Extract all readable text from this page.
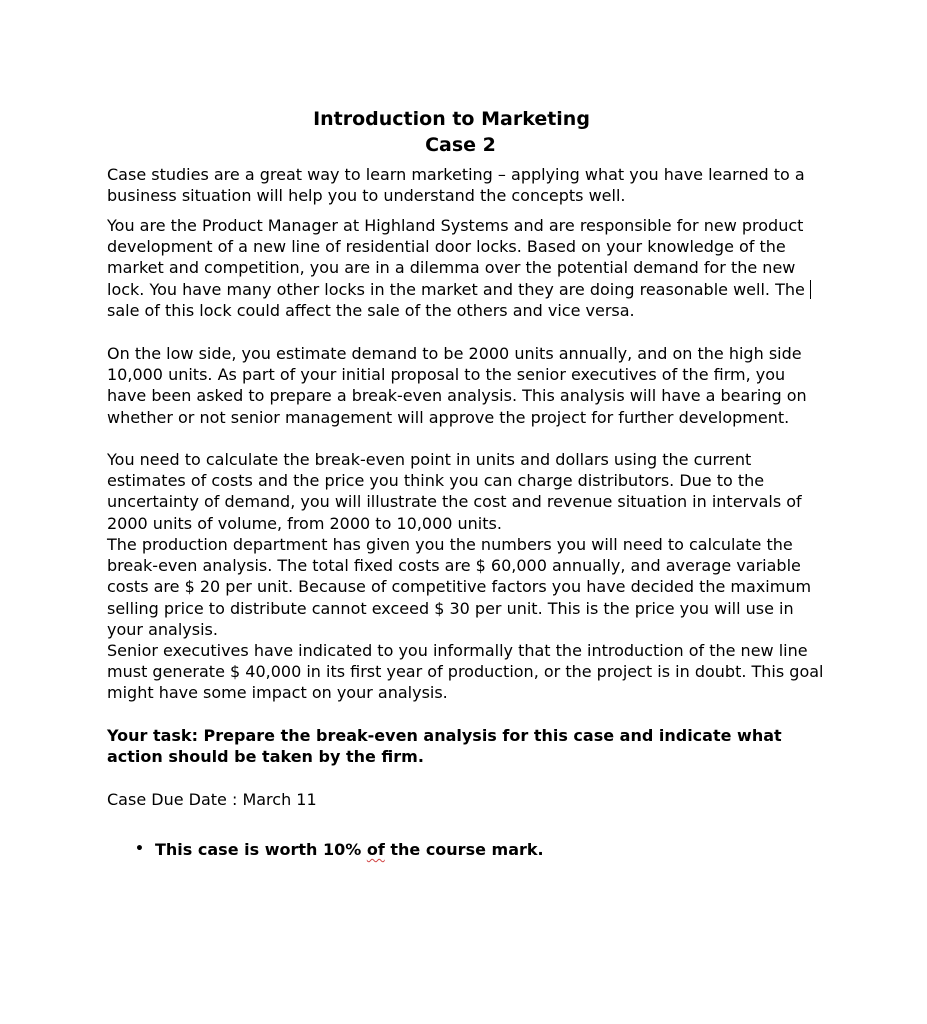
Introduction to Marketing
Case 2

Case studies are a great way to learn marketing – applying what you have learned to a business situation will help you to understand the concepts well.

You are the Product Manager at Highland Systems and are responsible for new product development of a new line of residential door locks. Based on your knowledge of the market and competition, you are in a dilemma over the potential demand for the new lock. You have many other locks in the market and they are doing reasonable well. The
sale of this lock could affect the sale of the others and vice versa.

On the low side, you estimate demand to be 2000 units annually, and on the high side 10,000 units. As part of your initial proposal to the senior executives of the firm, you have been asked to prepare a break-even analysis. This analysis will have a bearing on whether or not senior management will approve the project for further development.

You need to calculate the break-even point in units and dollars using the current estimates of costs and the price you think you can charge distributors. Due to the uncertainty of demand, you will illustrate the cost and revenue situation in intervals of 2000 units of volume, from 2000 to 10,000 units.

The production department has given you the numbers you will need to calculate the break-even analysis. The total fixed costs are $ 60,000 annually, and average variable costs are $ 20 per unit. Because of competitive factors you have decided the maximum selling price to distribute cannot exceed $ 30 per unit. This is the price you will use in your analysis.

Senior executives have indicated to you informally that the introduction of the new line must generate $ 40,000 in its first year of production, or the project is in doubt. This goal might have some impact on your analysis.

Your task: Prepare the break-even analysis for this case and indicate what action should be taken by the firm.

Case Due Date : March 11

• This case is worth 10% of the course mark.
